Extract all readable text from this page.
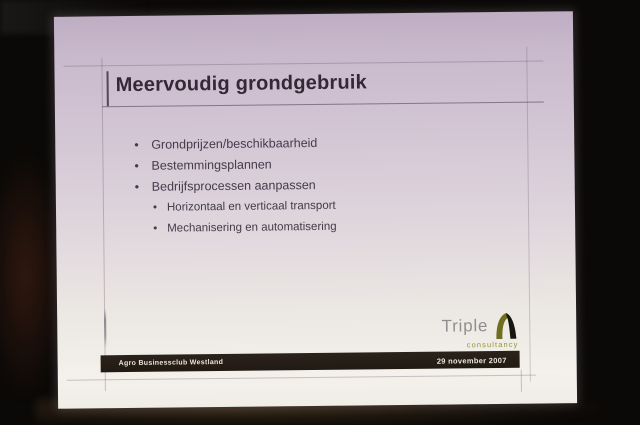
Meervoudig grondgebruik
•Grondprijzen/beschikbaarheid
•Bestemmingsplannen
•Bedrijfsprocessen aanpassen
•Horizontaal en verticaal transport
•Mechanisering en automatisering
Triple
consultancy
Agro Businessclub Westland	29 november 2007
